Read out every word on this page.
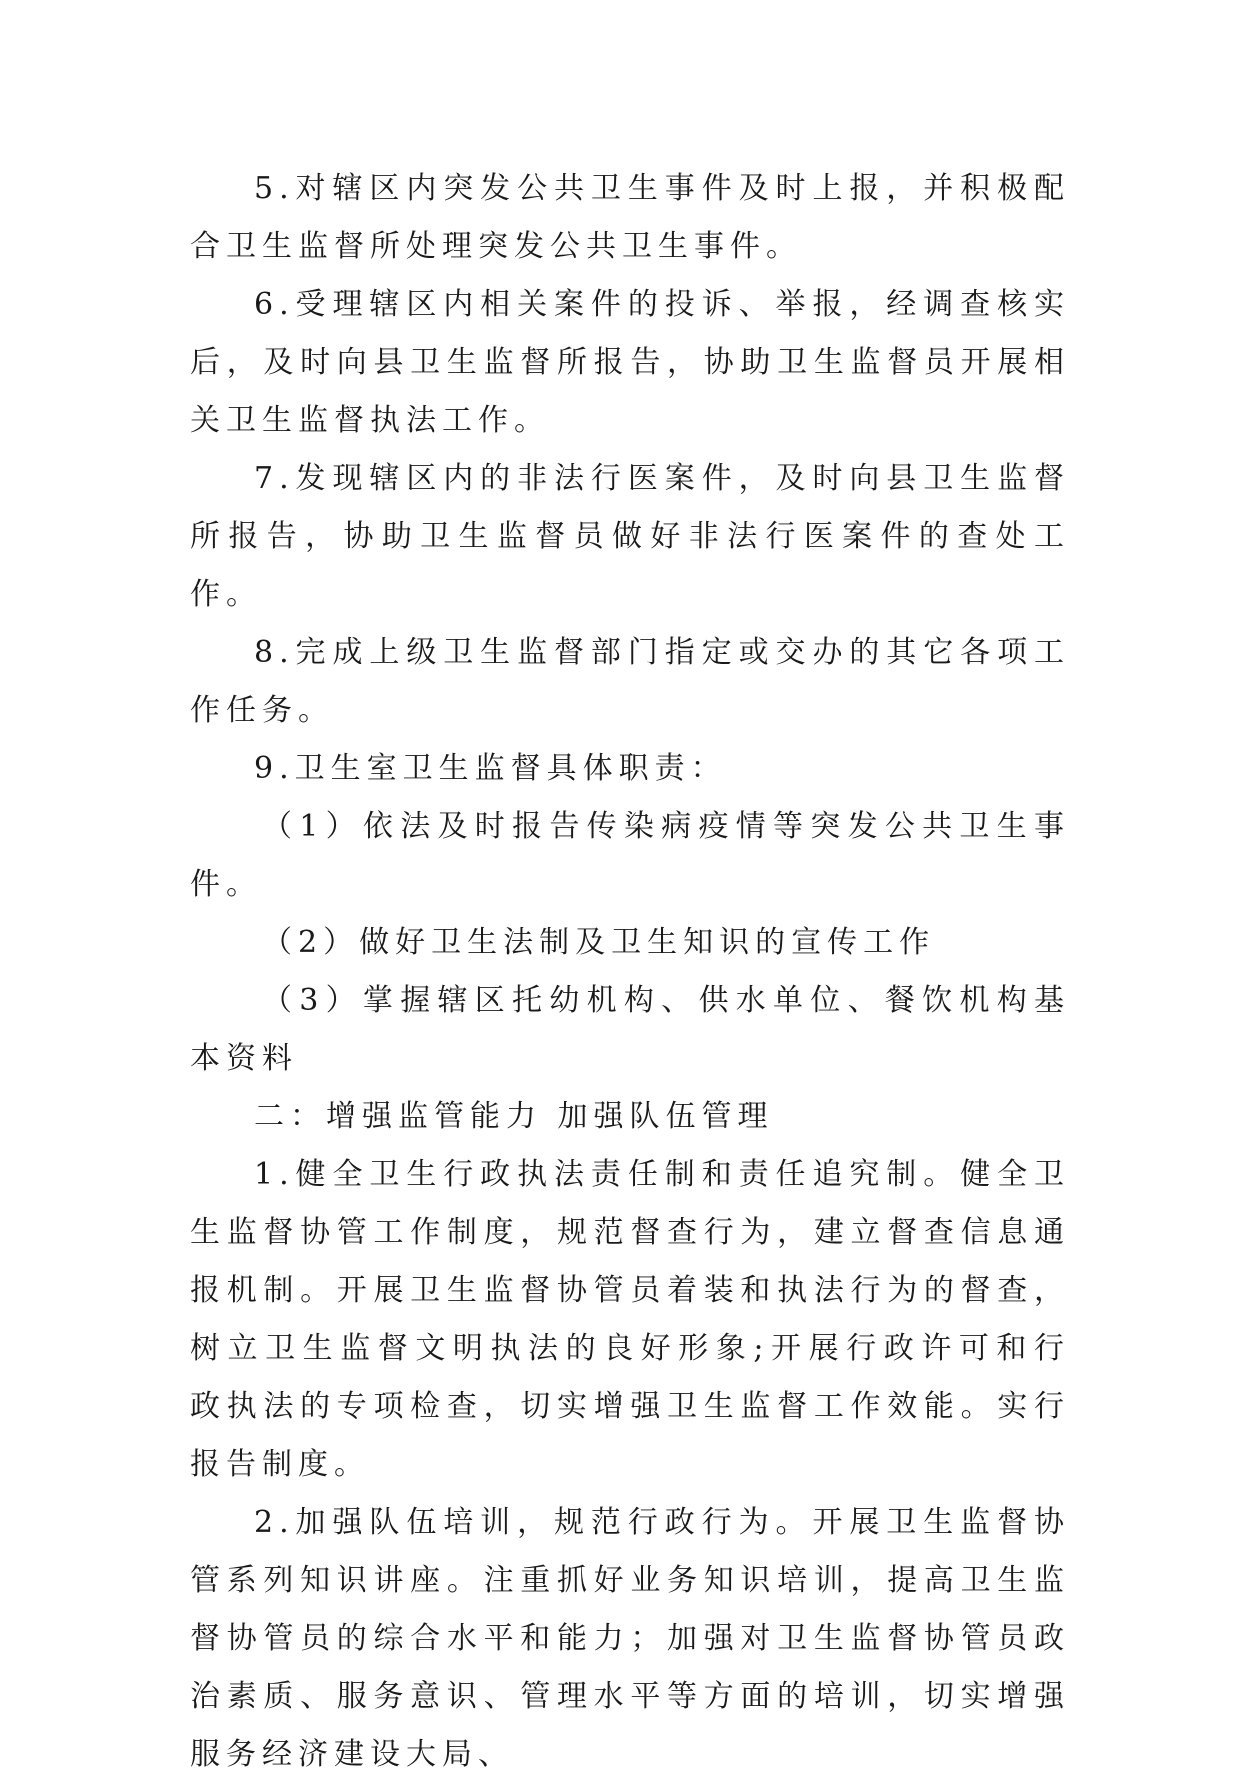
5.对辖区内突发公共卫生事件及时上报，并积极配合卫生监督所处理突发公共卫生事件。

6.受理辖区内相关案件的投诉、举报，经调查核实后，及时向县卫生监督所报告，协助卫生监督员开展相关卫生监督执法工作。

7.发现辖区内的非法行医案件，及时向县卫生监督所报告，协助卫生监督员做好非法行医案件的查处工作。

8.完成上级卫生监督部门指定或交办的其它各项工作任务。

9.卫生室卫生监督具体职责：

（1）依法及时报告传染病疫情等突发公共卫生事件。

（2）做好卫生法制及卫生知识的宣传工作

（3）掌握辖区托幼机构、供水单位、餐饮机构基本资料

二：增强监管能力 加强队伍管理

1.健全卫生行政执法责任制和责任追究制。健全卫生监督协管工作制度，规范督查行为，建立督查信息通报机制。开展卫生监督协管员着装和执法行为的督查，树立卫生监督文明执法的良好形象;开展行政许可和行政执法的专项检查，切实增强卫生监督工作效能。实行报告制度。

2.加强队伍培训，规范行政行为。开展卫生监督协管系列知识讲座。注重抓好业务知识培训，提高卫生监督协管员的综合水平和能力；加强对卫生监督协管员政治素质、服务意识、管理水平等方面的培训，切实增强服务经济建设大局、
